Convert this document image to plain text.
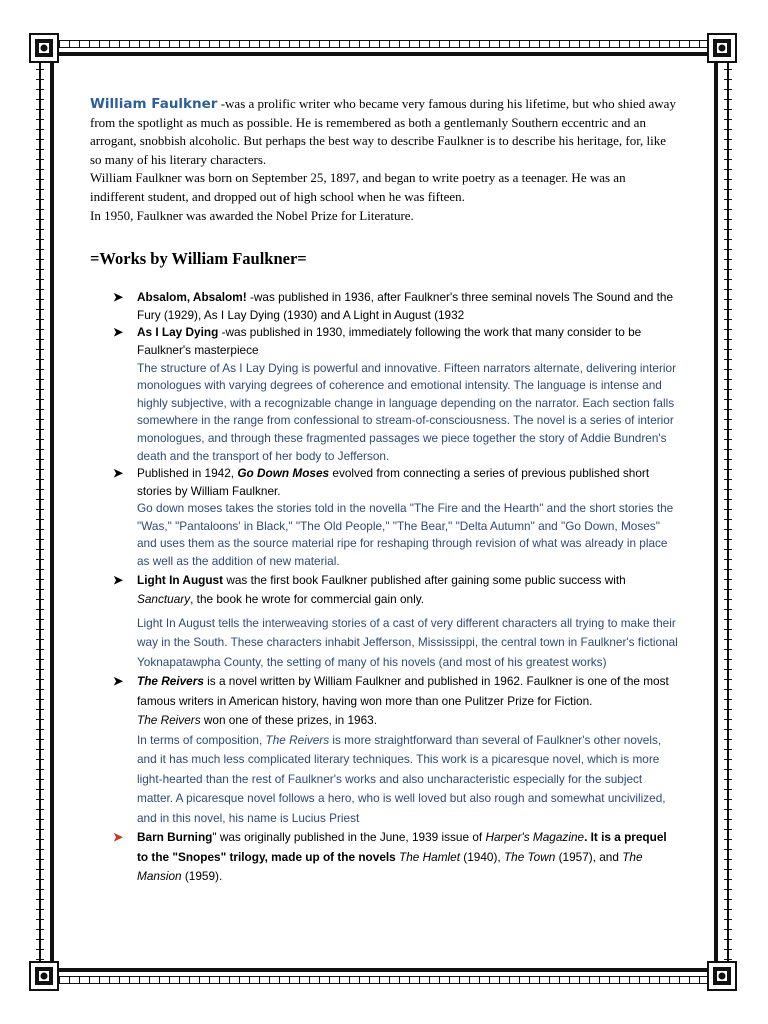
William Faulkner -was a prolific writer who became very famous during his lifetime, but who shied away from the spotlight as much as possible. He is remembered as both a gentlemanly Southern eccentric and an arrogant, snobbish alcoholic. But perhaps the best way to describe Faulkner is to describe his heritage, for, like so many of his literary characters.
William Faulkner was born on September 25, 1897, and began to write poetry as a teenager. He was an indifferent student, and dropped out of high school when he was fifteen.
In 1950, Faulkner was awarded the Nobel Prize for Literature.

=Works by William Faulkner=
➤ Absalom, Absalom! -was published in 1936, after Faulkner's three seminal novels The Sound and the Fury (1929), As I Lay Dying (1930) and A Light in August (1932
➤ As I Lay Dying -was published in 1930, immediately following the work that many consider to be Faulkner's masterpiece
The structure of As I Lay Dying is powerful and innovative. Fifteen narrators alternate, delivering interior monologues with varying degrees of coherence and emotional intensity. The language is intense and highly subjective, with a recognizable change in language depending on the narrator. Each section falls somewhere in the range from confessional to stream-of-consciousness. The novel is a series of interior monologues, and through these fragmented passages we piece together the story of Addie Bundren's death and the transport of her body to Jefferson.
➤ Published in 1942, Go Down Moses evolved from connecting a series of previous published short stories by William Faulkner.
Go down moses takes the stories told in the novella "The Fire and the Hearth" and the short stories the "Was," "Pantaloons' in Black," "The Old People," "The Bear," "Delta Autumn" and "Go Down, Moses" and uses them as the source material ripe for reshaping through revision of what was already in place as well as the addition of new material.
➤ Light In August was the first book Faulkner published after gaining some public success with Sanctuary, the book he wrote for commercial gain only.
Light In August tells the interweaving stories of a cast of very different characters all trying to make their way in the South. These characters inhabit Jefferson, Mississippi, the central town in Faulkner's fictional Yoknapatawpha County, the setting of many of his novels (and most of his greatest works)
➤ The Reivers is a novel written by William Faulkner and published in 1962. Faulkner is one of the most famous writers in American history, having won more than one Pulitzer Prize for Fiction.
The Reivers won one of these prizes, in 1963.
In terms of composition, The Reivers is more straightforward than several of Faulkner's other novels, and it has much less complicated literary techniques. This work is a picaresque novel, which is more light-hearted than the rest of Faulkner's works and also uncharacteristic especially for the subject matter. A picaresque novel follows a hero, who is well loved but also rough and somewhat uncivilized, and in this novel, his name is Lucius Priest
➤ Barn Burning" was originally published in the June, 1939 issue of Harper's Magazine. It is a prequel to the "Snopes" trilogy, made up of the novels The Hamlet (1940), The Town (1957), and The Mansion (1959).
